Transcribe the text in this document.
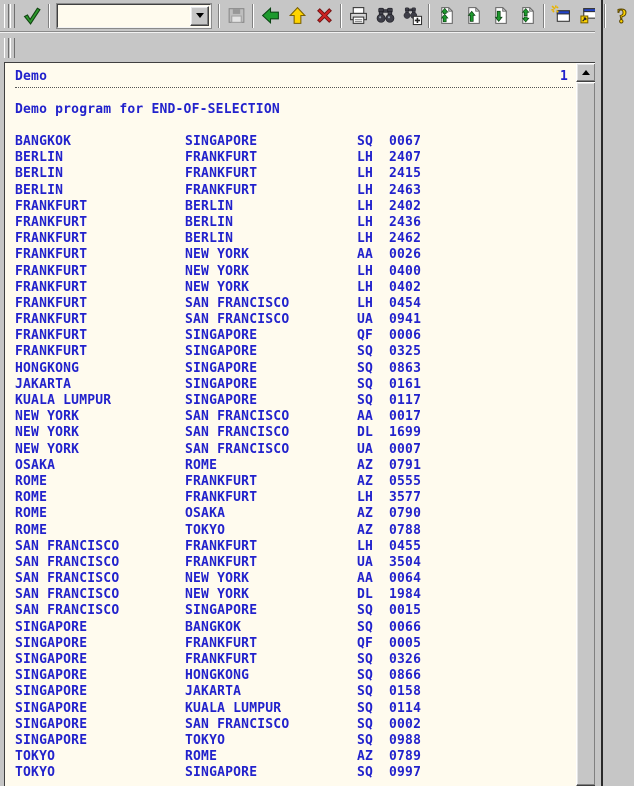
?
Demo	1
Demo program for END-OF-SELECTION
BANGKOK	SINGAPORE	SQ	0067
BERLIN	FRANKFURT	LH	2407
BERLIN	FRANKFURT	LH	2415
BERLIN	FRANKFURT	LH	2463
FRANKFURT	BERLIN	LH	2402
FRANKFURT	BERLIN	LH	2436
FRANKFURT	BERLIN	LH	2462
FRANKFURT	NEW YORK	AA	0026
FRANKFURT	NEW YORK	LH	0400
FRANKFURT	NEW YORK	LH	0402
FRANKFURT	SAN FRANCISCO	LH	0454
FRANKFURT	SAN FRANCISCO	UA	0941
FRANKFURT	SINGAPORE	QF	0006
FRANKFURT	SINGAPORE	SQ	0325
HONGKONG	SINGAPORE	SQ	0863
JAKARTA	SINGAPORE	SQ	0161
KUALA LUMPUR	SINGAPORE	SQ	0117
NEW YORK	SAN FRANCISCO	AA	0017
NEW YORK	SAN FRANCISCO	DL	1699
NEW YORK	SAN FRANCISCO	UA	0007
OSAKA	ROME	AZ	0791
ROME	FRANKFURT	AZ	0555
ROME	FRANKFURT	LH	3577
ROME	OSAKA	AZ	0790
ROME	TOKYO	AZ	0788
SAN FRANCISCO	FRANKFURT	LH	0455
SAN FRANCISCO	FRANKFURT	UA	3504
SAN FRANCISCO	NEW YORK	AA	0064
SAN FRANCISCO	NEW YORK	DL	1984
SAN FRANCISCO	SINGAPORE	SQ	0015
SINGAPORE	BANGKOK	SQ	0066
SINGAPORE	FRANKFURT	QF	0005
SINGAPORE	FRANKFURT	SQ	0326
SINGAPORE	HONGKONG	SQ	0866
SINGAPORE	JAKARTA	SQ	0158
SINGAPORE	KUALA LUMPUR	SQ	0114
SINGAPORE	SAN FRANCISCO	SQ	0002
SINGAPORE	TOKYO	SQ	0988
TOKYO	ROME	AZ	0789
TOKYO	SINGAPORE	SQ	0997
